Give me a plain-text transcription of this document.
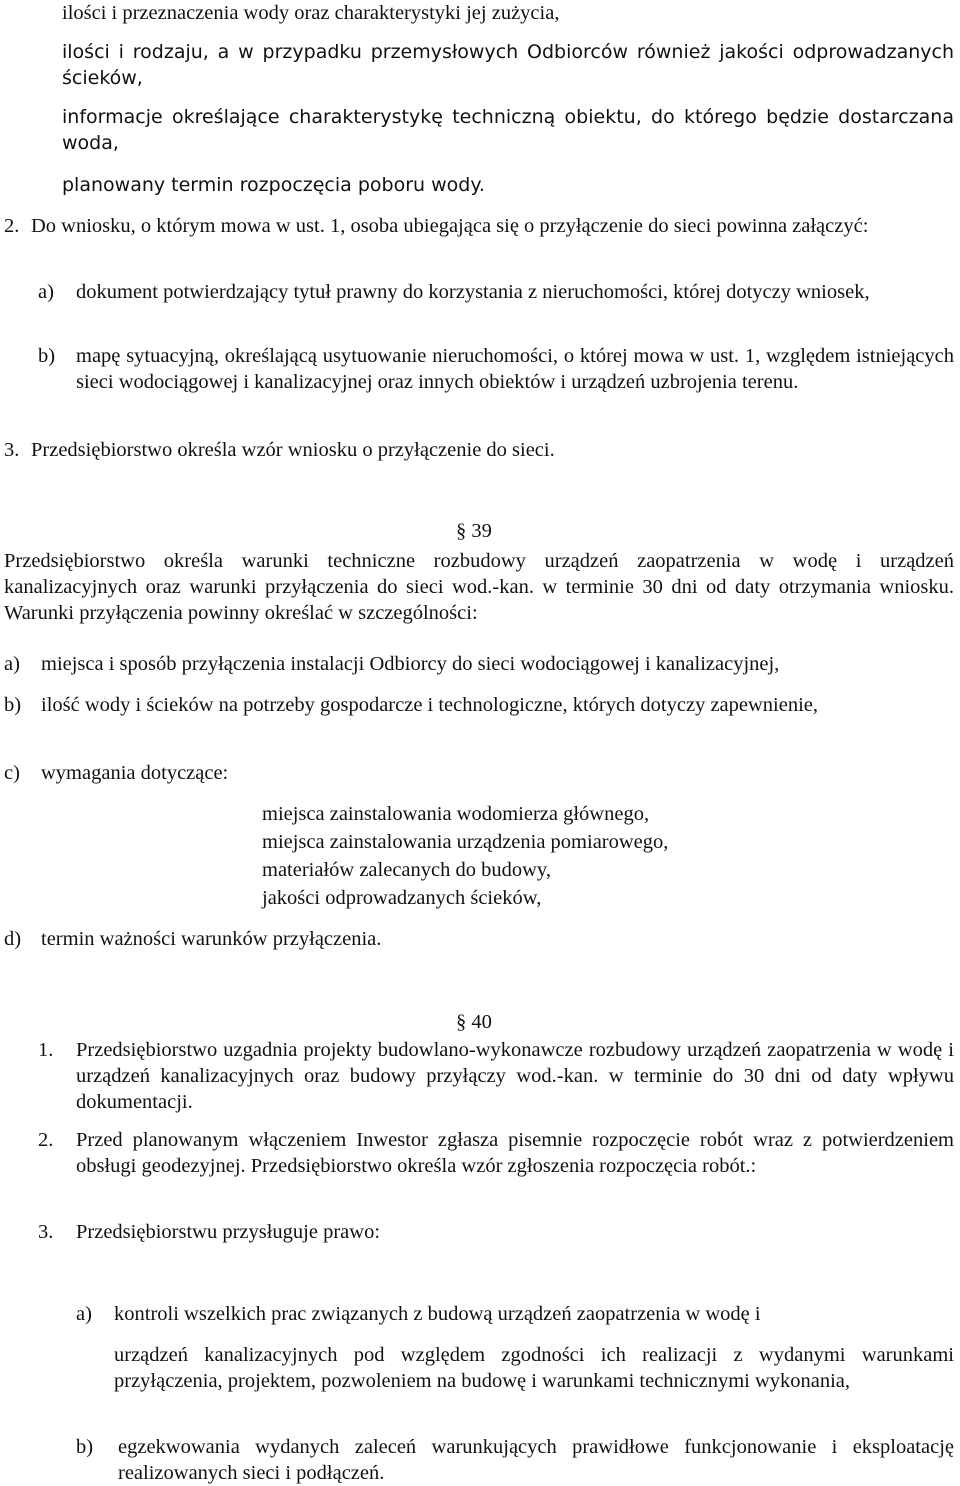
ilości i przeznaczenia wody oraz charakterystyki jej zużycia,
ilości i rodzaju, a w przypadku przemysłowych Odbiorców również jakości odprowadzanych ścieków,
informacje określające charakterystykę techniczną obiektu, do którego będzie dostarczana woda,
planowany termin rozpoczęcia poboru wody.
2. Do wniosku, o którym mowa w ust. 1, osoba ubiegająca się o przyłączenie do sieci powinna załączyć:
a) dokument potwierdzający tytuł prawny do korzystania z nieruchomości, której dotyczy wniosek,
b) mapę sytuacyjną, określającą usytuowanie nieruchomości, o której mowa w ust. 1, względem istniejących sieci wodociągowej i kanalizacyjnej oraz innych obiektów i urządzeń uzbrojenia terenu.
3. Przedsiębiorstwo określa wzór wniosku o przyłączenie do sieci.
§ 39
Przedsiębiorstwo określa warunki techniczne rozbudowy urządzeń zaopatrzenia w wodę i urządzeń kanalizacyjnych oraz warunki przyłączenia do sieci wod.-kan. w terminie 30 dni od daty otrzymania wniosku. Warunki przyłączenia powinny określać w szczególności:
a) miejsca i sposób przyłączenia instalacji Odbiorcy do sieci wodociągowej i kanalizacyjnej,
b) ilość wody i ścieków na potrzeby gospodarcze i technologiczne, których dotyczy zapewnienie,
c) wymagania dotyczące:
miejsca zainstalowania wodomierza głównego,
miejsca zainstalowania urządzenia pomiarowego,
materiałów zalecanych do budowy,
jakości odprowadzanych ścieków,
d) termin ważności warunków przyłączenia.
§ 40
1. Przedsiębiorstwo uzgadnia projekty budowlano-wykonawcze rozbudowy urządzeń zaopatrzenia w wodę i urządzeń kanalizacyjnych oraz budowy przyłączy wod.-kan. w terminie do 30 dni od daty wpływu dokumentacji.
2. Przed planowanym włączeniem Inwestor zgłasza pisemnie rozpoczęcie robót wraz z potwierdzeniem obsługi geodezyjnej. Przedsiębiorstwo określa wzór zgłoszenia rozpoczęcia robót.:
3. Przedsiębiorstwu przysługuje prawo:
a) kontroli wszelkich prac związanych z budową urządzeń zaopatrzenia w wodę i
urządzeń kanalizacyjnych pod względem zgodności ich realizacji z wydanymi warunkami przyłączenia, projektem, pozwoleniem na budowę i warunkami technicznymi wykonania,
b) egzekwowania wydanych zaleceń warunkujących prawidłowe funkcjonowanie i eksploatację realizowanych sieci i podłączeń.
